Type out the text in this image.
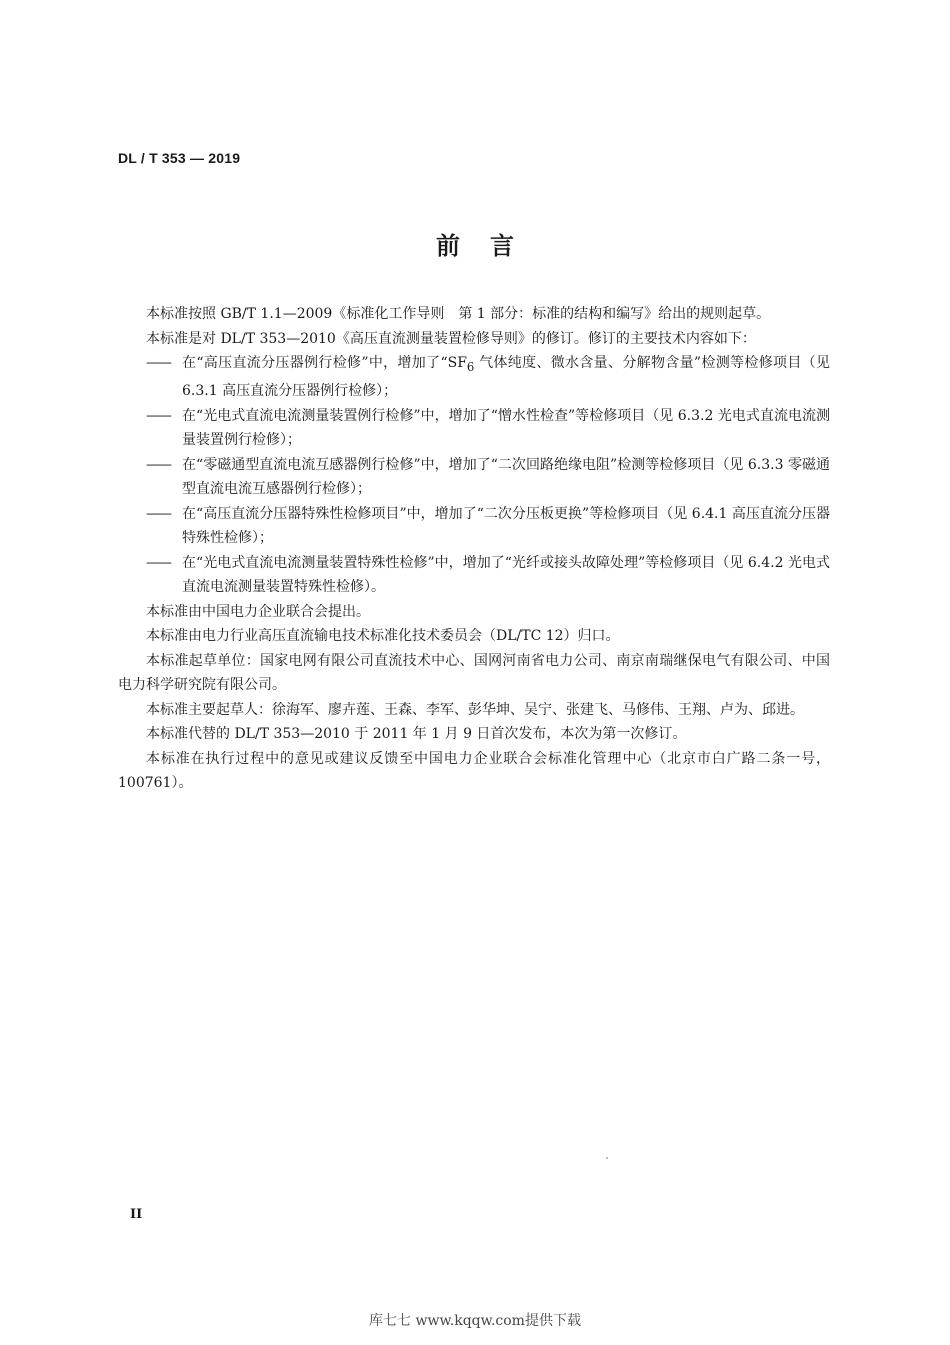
DL / T 353 — 2019
前言

本标准按照 GB/T 1.1—2009《标准化工作导则　第 1 部分：标准的结构和编写》给出的规则起草。

本标准是对 DL/T 353—2010《高压直流测量装置检修导则》的修订。修订的主要技术内容如下：

—— 在“高压直流分压器例行检修”中，增加了“$SF_6$ 气体纯度、微水含量、分解物含量”检测等检修项目（见 6.3.1 高压直流分压器例行检修）；

—— 在“光电式直流电流测量装置例行检修”中，增加了“憎水性检查”等检修项目（见 6.3.2 光电式直流电流测量装置例行检修）；

—— 在“零磁通型直流电流互感器例行检修”中，增加了“二次回路绝缘电阻”检测等检修项目（见 6.3.3 零磁通型直流电流互感器例行检修）；

—— 在“高压直流分压器特殊性检修项目”中，增加了“二次分压板更换”等检修项目（见 6.4.1 高压直流分压器特殊性检修）；

—— 在“光电式直流电流测量装置特殊性检修”中，增加了“光纤或接头故障处理”等检修项目（见 6.4.2 光电式直流电流测量装置特殊性检修）。

本标准由中国电力企业联合会提出。

本标准由电力行业高压直流输电技术标准化技术委员会（DL/TC 12）归口。

本标准起草单位：国家电网有限公司直流技术中心、国网河南省电力公司、南京南瑞继保电气有限公司、中国电力科学研究院有限公司。

本标准主要起草人：徐海军、廖卉莲、王森、李军、彭华坤、吴宁、张建飞、马修伟、王翔、卢为、邱进。

本标准代替的 DL/T 353—2010 于 2011 年 1 月 9 日首次发布，本次为第一次修订。

本标准在执行过程中的意见或建议反馈至中国电力企业联合会标准化管理中心（北京市白广路二条一号，100761）。

II
库七七 www.kqqw.com提供下载
